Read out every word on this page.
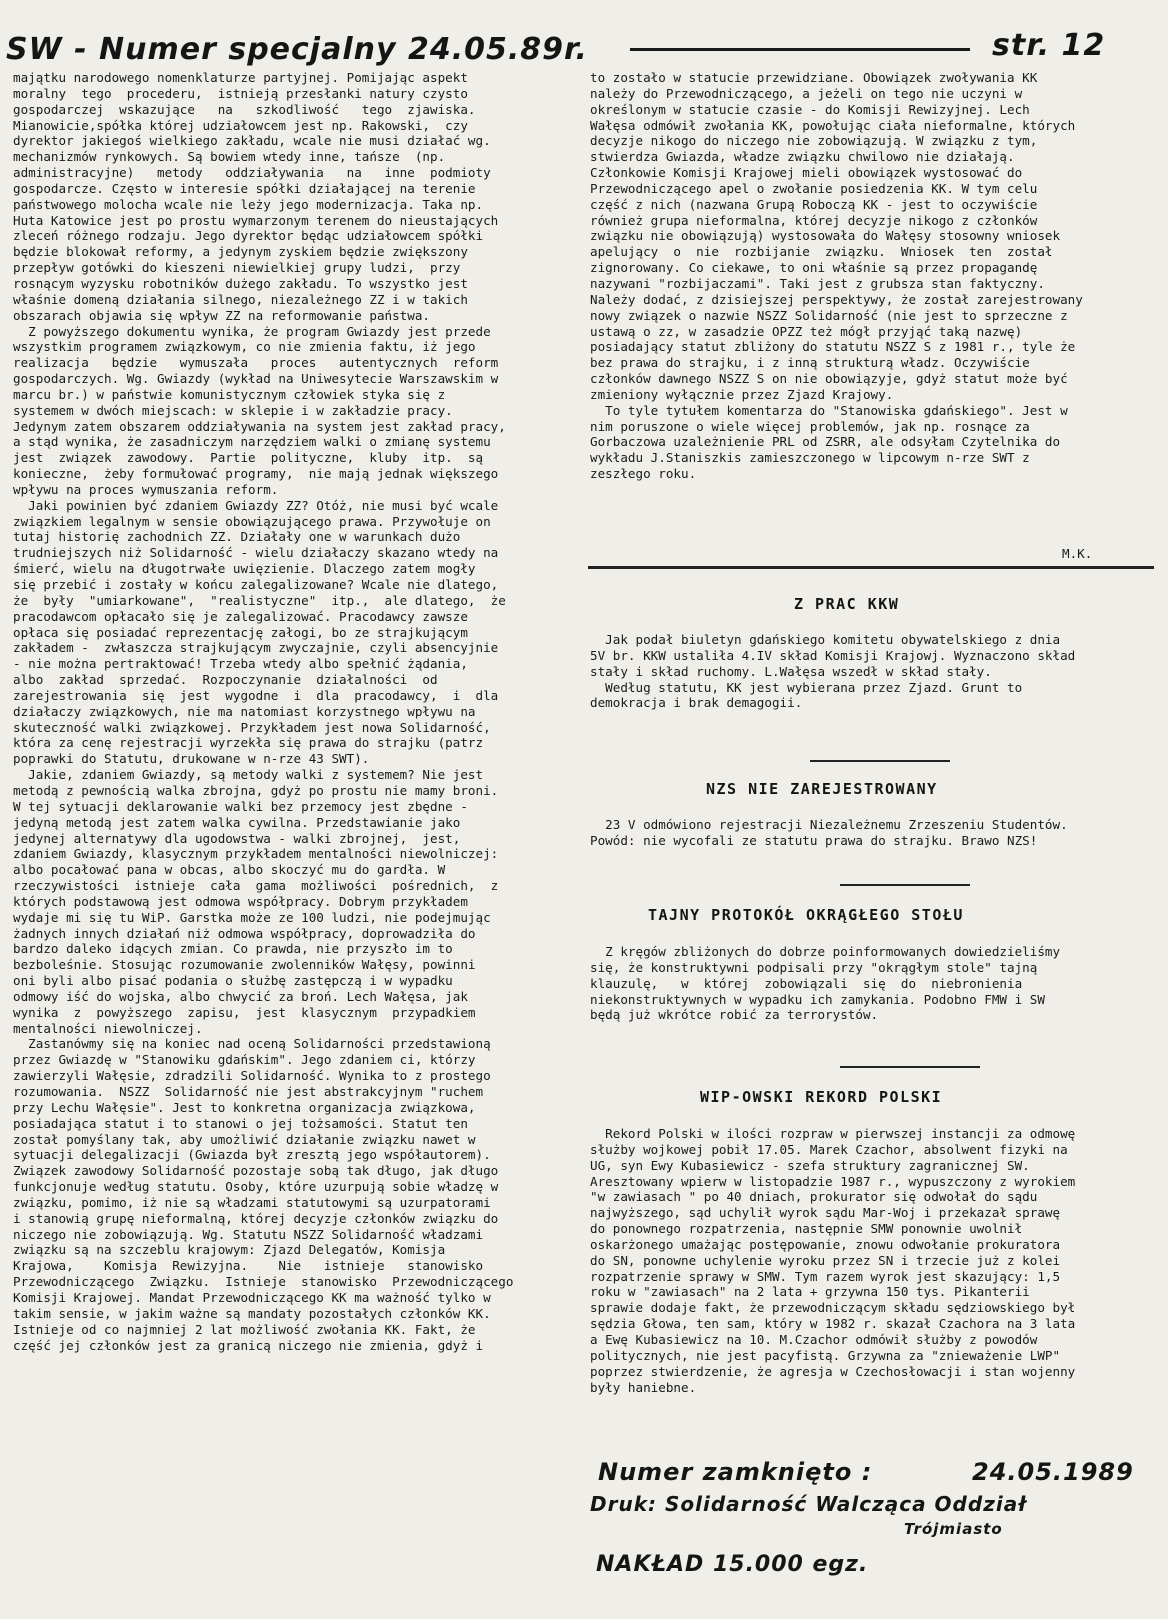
SW - Numer specjalny 24.05.89r.	str. 12
majątku narodowego nomenklaturze partyjnej. Pomijając aspekt
moralny  tego  procederu,  istnieją przesłanki natury czysto
gospodarczej  wskazujące   na   szkodliwość   tego  zjawiska.
Mianowicie,spółka której udziałowcem jest np. Rakowski,  czy
dyrektor jakiegoś wielkiego zakładu, wcale nie musi działać wg.
mechanizmów rynkowych. Są bowiem wtedy inne, tańsze  (np.
administracyjne)   metody   oddziaływania   na   inne  podmioty
gospodarcze. Często w interesie spółki działającej na terenie
państwowego molocha wcale nie leży jego modernizacja. Taka np.
Huta Katowice jest po prostu wymarzonym terenem do nieustających
zleceń różnego rodzaju. Jego dyrektor będąc udziałowcem spółki
będzie blokował reformy, a jedynym zyskiem będzie zwiększony
przepływ gotówki do kieszeni niewielkiej grupy ludzi,  przy
rosnącym wyzysku robotników dużego zakładu. To wszystko jest
właśnie domeną działania silnego, niezależnego ZZ i w takich
obszarach objawia się wpływ ZZ na reformowanie państwa.
Z powyższego dokumentu wynika, że program Gwiazdy jest przede
wszystkim programem związkowym, co nie zmienia faktu, iż jego
realizacja   będzie   wymuszała   proces   autentycznych  reform
gospodarczych. Wg. Gwiazdy (wykład na Uniwesytecie Warszawskim w
marcu br.) w państwie komunistycznym człowiek styka się z
systemem w dwóch miejscach: w sklepie i w zakładzie pracy.
Jedynym zatem obszarem oddziaływania na system jest zakład pracy,
a stąd wynika, że zasadniczym narzędziem walki o zmianę systemu
jest  związek  zawodowy.  Partie  polityczne,  kluby  itp.  są
konieczne,  żeby formułować programy,  nie mają jednak większego
wpływu na proces wymuszania reform.
Jaki powinien być zdaniem Gwiazdy ZZ? Otóż, nie musi być wcale
związkiem legalnym w sensie obowiązującego prawa. Przywołuje on
tutaj historię zachodnich ZZ. Działały one w warunkach dużo
trudniejszych niż Solidarność - wielu działaczy skazano wtedy na
śmierć, wielu na długotrwałe uwięzienie. Dlaczego zatem mogły
się przebić i zostały w końcu zalegalizowane? Wcale nie dlatego,
że  były  "umiarkowane",  "realistyczne"  itp.,  ale dlatego,  że
pracodawcom opłacało się je zalegalizować. Pracodawcy zawsze
opłaca się posiadać reprezentację załogi, bo ze strajkującym
zakładem -  zwłaszcza strajkującym zwyczajnie, czyli absencyjnie
- nie można pertraktować! Trzeba wtedy albo spełnić żądania,
albo  zakład  sprzedać.  Rozpoczynanie  działalności  od
zarejestrowania  się  jest  wygodne  i  dla  pracodawcy,  i  dla
działaczy związkowych, nie ma natomiast korzystnego wpływu na
skuteczność walki związkowej. Przykładem jest nowa Solidarność,
która za cenę rejestracji wyrzekła się prawa do strajku (patrz
poprawki do Statutu, drukowane w n-rze 43 SWT).
Jakie, zdaniem Gwiazdy, są metody walki z systemem? Nie jest
metodą z pewnością walka zbrojna, gdyż po prostu nie mamy broni.
W tej sytuacji deklarowanie walki bez przemocy jest zbędne -
jedyną metodą jest zatem walka cywilna. Przedstawianie jako
jedynej alternatywy dla ugodowstwa - walki zbrojnej,  jest,
zdaniem Gwiazdy, klasycznym przykładem mentalności niewolniczej:
albo pocałować pana w obcas, albo skoczyć mu do gardła. W
rzeczywistości  istnieje  cała  gama  możliwości  pośrednich,  z
których podstawową jest odmowa współpracy. Dobrym przykładem
wydaje mi się tu WiP. Garstka może ze 100 ludzi, nie podejmując
żadnych innych działań niż odmowa współpracy, doprowadziła do
bardzo daleko idących zmian. Co prawda, nie przyszło im to
bezboleśnie. Stosując rozumowanie zwolenników Wałęsy, powinni
oni byli albo pisać podania o służbę zastępczą i w wypadku
odmowy iść do wojska, albo chwycić za broń. Lech Wałęsa, jak
wynika  z  powyższego  zapisu,  jest  klasycznym  przypadkiem
mentalności niewolniczej.
Zastanówmy się na koniec nad oceną Solidarności przedstawioną
przez Gwiazdę w "Stanowiku gdańskim". Jego zdaniem ci, którzy
zawierzyli Wałęsie, zdradzili Solidarność. Wynika to z prostego
rozumowania.  NSZZ  Solidarność nie jest abstrakcyjnym "ruchem
przy Lechu Wałęsie". Jest to konkretna organizacja związkowa,
posiadająca statut i to stanowi o jej tożsamości. Statut ten
został pomyślany tak, aby umożliwić działanie związku nawet w
sytuacji delegalizacji (Gwiazda był zresztą jego współautorem).
Związek zawodowy Solidarność pozostaje sobą tak długo, jak długo
funkcjonuje według statutu. Osoby, które uzurpują sobie władzę w
związku, pomimo, iż nie są władzami statutowymi są uzurpatorami
i stanowią grupę nieformalną, której decyzje członków związku do
niczego nie zobowiązują. Wg. Statutu NSZZ Solidarność władzami
związku są na szczeblu krajowym: Zjazd Delegatów, Komisja
Krajowa,    Komisja  Rewizyjna.    Nie   istnieje   stanowisko
Przewodniczącego  Związku.  Istnieje  stanowisko  Przewodniczącego
Komisji Krajowej. Mandat Przewodniczącego KK ma ważność tylko w
takim sensie, w jakim ważne są mandaty pozostałych członków KK.
Istnieje od co najmniej 2 lat możliwość zwołania KK. Fakt, że
część jej członków jest za granicą niczego nie zmienia, gdyż i
to zostało w statucie przewidziane. Obowiązek zwoływania KK
należy do Przewodniczącego, a jeżeli on tego nie uczyni w
określonym w statucie czasie - do Komisji Rewizyjnej. Lech
Wałęsa odmówił zwołania KK, powołując ciała nieformalne, których
decyzje nikogo do niczego nie zobowiązują. W związku z tym,
stwierdza Gwiazda, władze związku chwilowo nie działają.
Członkowie Komisji Krajowej mieli obowiązek wystosować do
Przewodniczącego apel o zwołanie posiedzenia KK. W tym celu
część z nich (nazwana Grupą Roboczą KK - jest to oczywiście
również grupa nieformalna, której decyzje nikogo z członków
związku nie obowiązują) wystosowała do Wałęsy stosowny wniosek
apelujący  o  nie  rozbijanie  związku.  Wniosek  ten  został
zignorowany. Co ciekawe, to oni właśnie są przez propagandę
nazywani "rozbijaczami". Taki jest z grubsza stan faktyczny.
Należy dodać, z dzisiejszej perspektywy, że został zarejestrowany
nowy związek o nazwie NSZZ Solidarność (nie jest to sprzeczne z
ustawą o zz, w zasadzie OPZZ też mógł przyjąć taką nazwę)
posiadający statut zbliżony do statutu NSZZ S z 1981 r., tyle że
bez prawa do strajku, i z inną strukturą władz. Oczywiście
członków dawnego NSZZ S on nie obowiązyje, gdyż statut może być
zmieniony wyłącznie przez Zjazd Krajowy.
To tyle tytułem komentarza do "Stanowiska gdańskiego". Jest w
nim poruszone o wiele więcej problemów, jak np. rosnące za
Gorbaczowa uzależnienie PRL od ZSRR, ale odsyłam Czytelnika do
wykładu J.Staniszkis zamieszczonego w lipcowym n-rze SWT z
zeszłego roku.
M.K.
Z PRAC KKW
Jak podał biuletyn gdańskiego komitetu obywatelskiego z dnia
5V br. KKW ustaliła 4.IV skład Komisji Krajowj. Wyznaczono skład
stały i skład ruchomy. L.Wałęsa wszedł w skład stały.
Według statutu, KK jest wybierana przez Zjazd. Grunt to
demokracja i brak demagogii.
NZS NIE ZAREJESTROWANY
23 V odmówiono rejestracji Niezależnemu Zrzeszeniu Studentów.
Powód: nie wycofali ze statutu prawa do strajku. Brawo NZS!
TAJNY PROTOKÓŁ OKRĄGŁEGO STOŁU
Z kręgów zbliżonych do dobrze poinformowanych dowiedzieliśmy
się, że konstruktywni podpisali przy "okrągłym stole" tajną
klauzulę,   w  której  zobowiązali  się  do  niebronienia
niekonstruktywnych w wypadku ich zamykania. Podobno FMW i SW
będą już wkrótce robić za terrorystów.
WIP-OWSKI REKORD POLSKI
Rekord Polski w ilości rozpraw w pierwszej instancji za odmowę
służby wojkowej pobił 17.05. Marek Czachor, absolwent fizyki na
UG, syn Ewy Kubasiewicz - szefa struktury zagranicznej SW.
Aresztowany wpierw w listopadzie 1987 r., wypuszczony z wyrokiem
"w zawiasach " po 40 dniach, prokurator się odwołał do sądu
najwyższego, sąd uchylił wyrok sądu Mar-Woj i przekazał sprawę
do ponownego rozpatrzenia, następnie SMW ponownie uwolnił
oskarżonego umażając postępowanie, znowu odwołanie prokuratora
do SN, ponowne uchylenie wyroku przez SN i trzecie już z kolei
rozpatrzenie sprawy w SMW. Tym razem wyrok jest skazujący: 1,5
roku w "zawiasach" na 2 lata + grzywna 150 tys. Pikanterii
sprawie dodaje fakt, że przewodniczącym składu sędziowskiego był
sędzia Głowa, ten sam, który w 1982 r. skazał Czachora na 3 lata
a Ewę Kubasiewicz na 10. M.Czachor odmówił służby z powodów
politycznych, nie jest pacyfistą. Grzywna za "znieważenie LWP"
poprzez stwierdzenie, że agresja w Czechosłowacji i stan wojenny
były haniebne.
Numer zamknięto :	24.05.1989
Druk: Solidarność Walcząca Oddział
Trójmiasto
NAKŁAD 15.000 egz.
